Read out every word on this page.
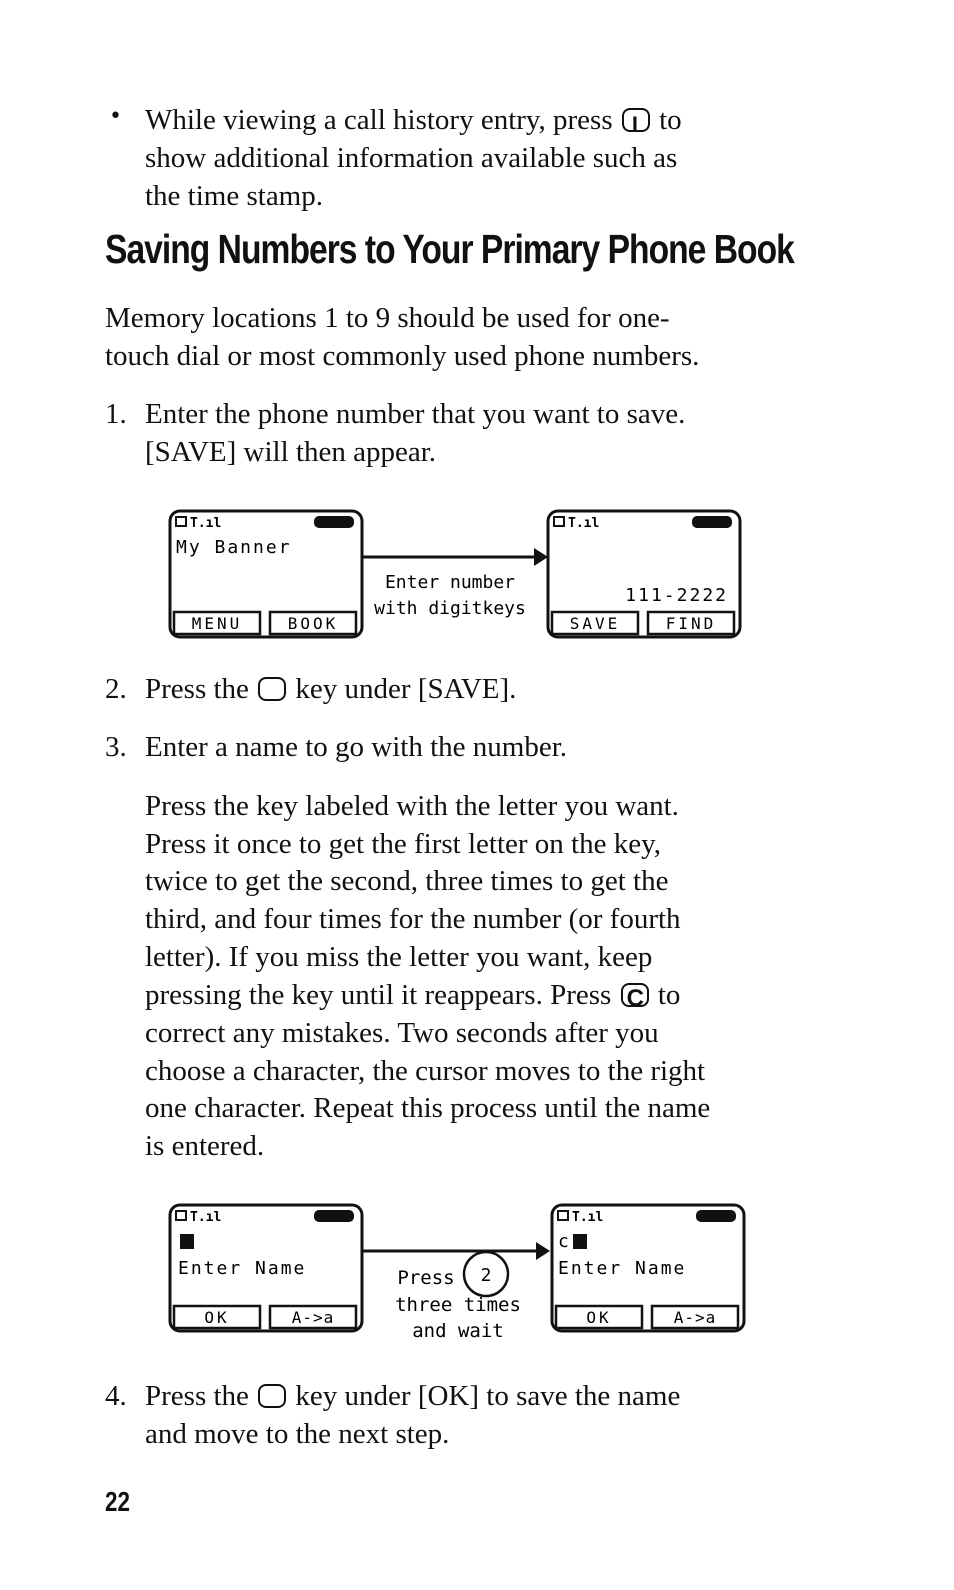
• While viewing a call history entry, press I to
show additional information available such as
the time stamp.
Saving Numbers to Your Primary Phone Book
Memory locations 1 to 9 should be used for one-
touch dial or most commonly used phone numbers.
1. Enter the phone number that you want to save.
[SAVE] will then appear.
T.ıl
My Banner
MENU	BOOK
Enter number
with digitkeys
T.ıl
111-2222
SAVE	FIND
2. Press the key under [SAVE].
3. Enter a name to go with the number.
Press the key labeled with the letter you want.
Press it once to get the first letter on the key,
twice to get the second, three times to get the
third, and four times for the number (or fourth
letter). If you miss the letter you want, keep
pressing the key until it reappears. Press C to
correct any mistakes. Two seconds after you
choose a character, the cursor moves to the right
one character. Repeat this process until the name
is entered.
T.ıl
Enter Name
OK	A->a
Press 2
three times
and wait
T.ıl
c
Enter Name
OK	A->a
4. Press the key under [OK] to save the name
and move to the next step.
22
